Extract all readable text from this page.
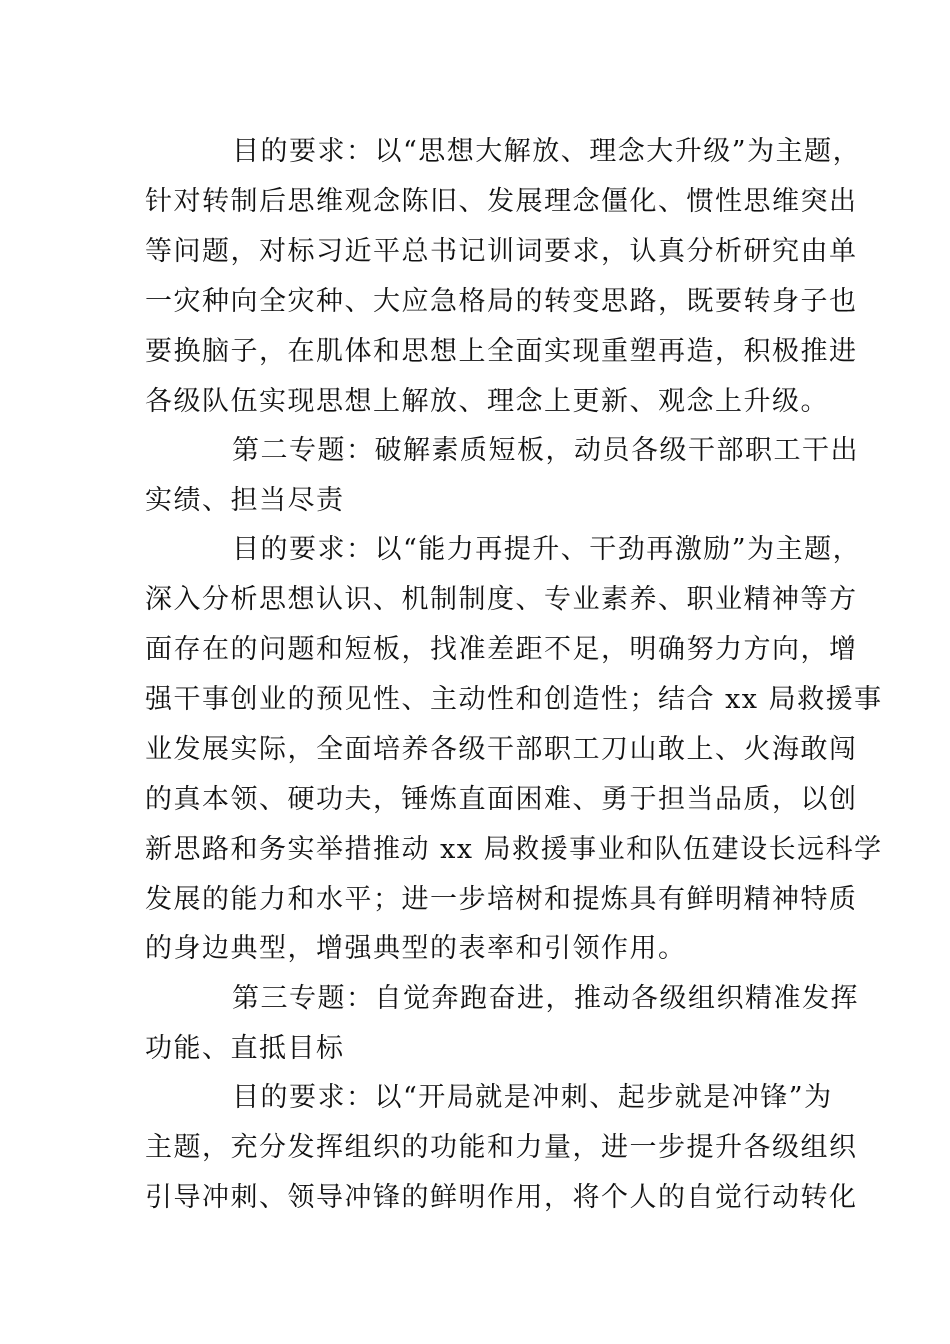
目的要求：以“思想大解放、理念大升级”为主题，
针对转制后思维观念陈旧、发展理念僵化、惯性思维突出
等问题，对标习近平总书记训词要求，认真分析研究由单
一灾种向全灾种、大应急格局的转变思路，既要转身子也
要换脑子，在肌体和思想上全面实现重塑再造，积极推进
各级队伍实现思想上解放、理念上更新、观念上升级。
第二专题：破解素质短板，动员各级干部职工干出
实绩、担当尽责
目的要求：以“能力再提升、干劲再激励”为主题，
深入分析思想认识、机制制度、专业素养、职业精神等方
面存在的问题和短板，找准差距不足，明确努力方向，增
强干事创业的预见性、主动性和创造性；结合 xx 局救援事
业发展实际，全面培养各级干部职工刀山敢上、火海敢闯
的真本领、硬功夫，锤炼直面困难、勇于担当品质，以创
新思路和务实举措推动 xx 局救援事业和队伍建设长远科学
发展的能力和水平；进一步培树和提炼具有鲜明精神特质
的身边典型，增强典型的表率和引领作用。
第三专题：自觉奔跑奋进，推动各级组织精准发挥
功能、直抵目标
目的要求：以“开局就是冲刺、起步就是冲锋”为
主题，充分发挥组织的功能和力量，进一步提升各级组织
引导冲刺、领导冲锋的鲜明作用，将个人的自觉行动转化
